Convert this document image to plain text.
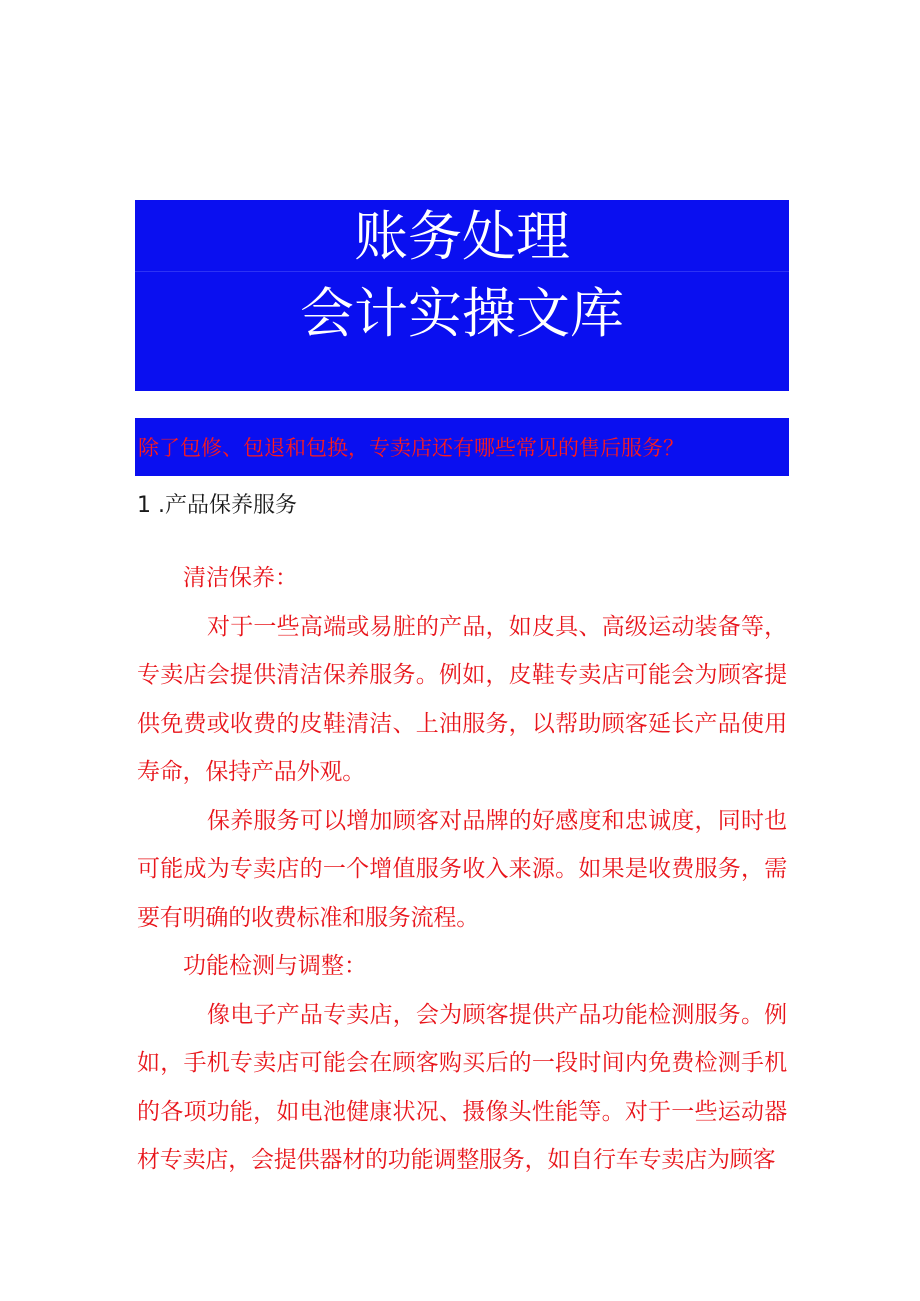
账务处理
会计实操文库
除了包修、包退和包换，专卖店还有哪些常见的售后服务？

1 .产品保养服务

清洁保养：

对于一些高端或易脏的产品，如皮具、高级运动装备等，专卖店会提供清洁保养服务。例如，皮鞋专卖店可能会为顾客提供免费或收费的皮鞋清洁、上油服务，以帮助顾客延长产品使用寿命，保持产品外观。

保养服务可以增加顾客对品牌的好感度和忠诚度，同时也可能成为专卖店的一个增值服务收入来源。如果是收费服务，需要有明确的收费标准和服务流程。

功能检测与调整：

像电子产品专卖店，会为顾客提供产品功能检测服务。例如，手机专卖店可能会在顾客购买后的一段时间内免费检测手机的各项功能，如电池健康状况、摄像头性能等。对于一些运动器材专卖店，会提供器材的功能调整服务，如自行车专卖店为顾客
